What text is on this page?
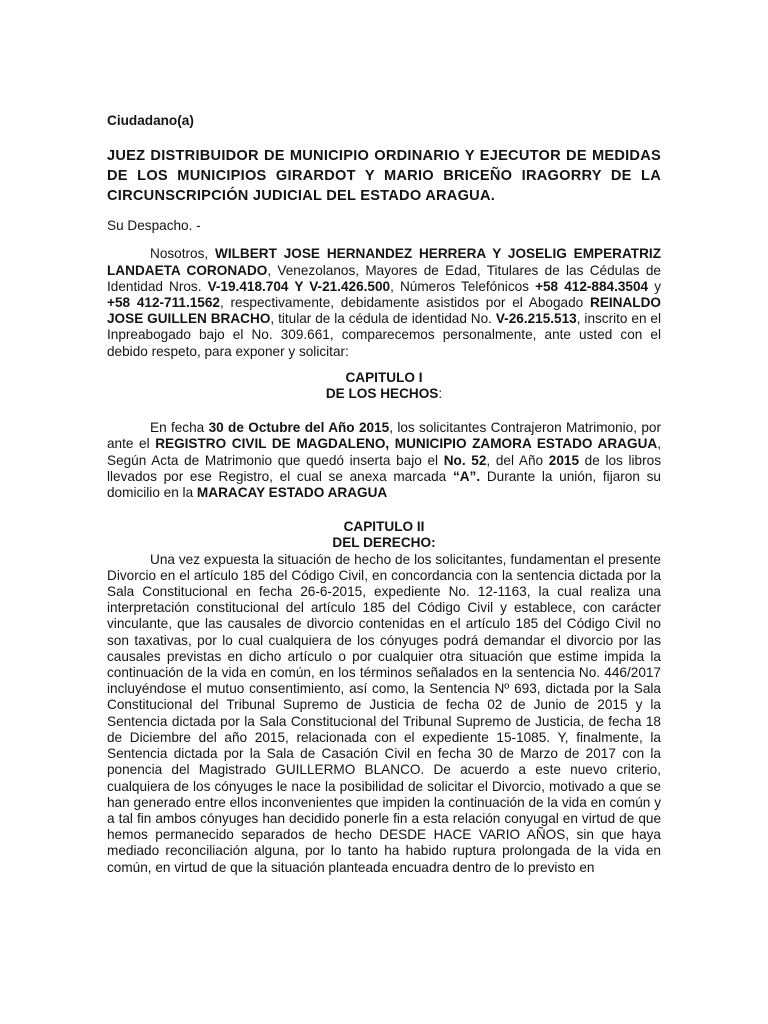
Ciudadano(a)

JUEZ DISTRIBUIDOR DE MUNICIPIO ORDINARIO Y EJECUTOR DE MEDIDAS DE LOS MUNICIPIOS GIRARDOT Y MARIO BRICEÑO IRAGORRY DE LA CIRCUNSCRIPCIÓN JUDICIAL DEL ESTADO ARAGUA.

Su Despacho. -

Nosotros, WILBERT JOSE HERNANDEZ HERRERA Y JOSELIG EMPERATRIZ LANDAETA CORONADO, Venezolanos, Mayores de Edad, Titulares de las Cédulas de Identidad Nros. V-19.418.704 Y V-21.426.500, Números Telefónicos +58 412-884.3504 y +58 412-711.1562, respectivamente, debidamente asistidos por el Abogado REINALDO JOSE GUILLEN BRACHO, titular de la cédula de identidad No. V-26.215.513, inscrito en el Inpreabogado bajo el No. 309.661, comparecemos personalmente, ante usted con el debido respeto, para exponer y solicitar:

CAPITULO I

DE LOS HECHOS:

En fecha 30 de Octubre del Año 2015, los solicitantes Contrajeron Matrimonio, por ante el REGISTRO CIVIL DE MAGDALENO, MUNICIPIO ZAMORA ESTADO ARAGUA, Según Acta de Matrimonio que quedó inserta bajo el No. 52, del Año 2015 de los libros llevados por ese Registro, el cual se anexa marcada “A”. Durante la unión, fijaron su domicilio en la MARACAY ESTADO ARAGUA

CAPITULO II

DEL DERECHO:

Una vez expuesta la situación de hecho de los solicitantes, fundamentan el presente Divorcio en el artículo 185 del Código Civil, en concordancia con la sentencia dictada por la Sala Constitucional en fecha 26-6-2015, expediente No. 12-1163, la cual realiza una interpretación constitucional del artículo 185 del Código Civil y establece, con carácter vinculante, que las causales de divorcio contenidas en el artículo 185 del Código Civil no son taxativas, por lo cual cualquiera de los cónyuges podrá demandar el divorcio por las causales previstas en dicho artículo o por cualquier otra situación que estime impida la continuación de la vida en común, en los términos señalados en la sentencia No. 446/2017 incluyéndose el mutuo consentimiento, así como, la Sentencia Nº 693, dictada por la Sala Constitucional del Tribunal Supremo de Justicia de fecha 02 de Junio de 2015 y la Sentencia dictada por la Sala Constitucional del Tribunal Supremo de Justicia, de fecha 18 de Diciembre del año 2015, relacionada con el expediente 15-1085. Y, finalmente, la Sentencia dictada por la Sala de Casación Civil en fecha 30 de Marzo de 2017 con la ponencia del Magistrado GUILLERMO BLANCO. De acuerdo a este nuevo criterio, cualquiera de los cónyuges le nace la posibilidad de solicitar el Divorcio, motivado a que se han generado entre ellos inconvenientes que impiden la continuación de la vida en común y a tal fin ambos cónyuges han decidido ponerle fin a esta relación conyugal en virtud de que hemos permanecido separados de hecho DESDE HACE VARIO AÑOS, sin que haya mediado reconciliación alguna, por lo tanto ha habido ruptura prolongada de la vida en común, en virtud de que la situación planteada encuadra dentro de lo previsto en
